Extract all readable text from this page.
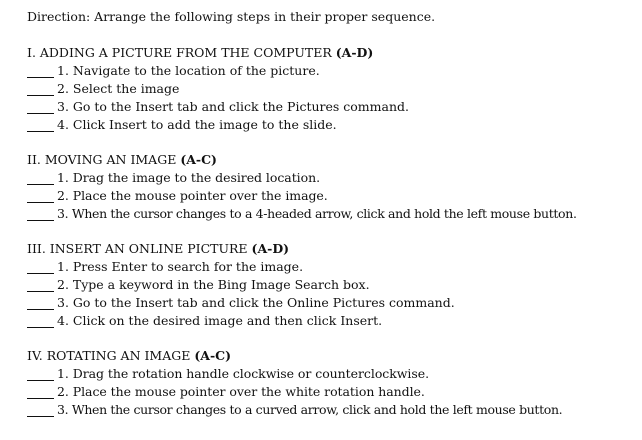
Direction: Arrange the following steps in their proper sequence.
I. ADDING A PICTURE FROM THE COMPUTER (A-D)
1. Navigate to the location of the picture.
2. Select the image
3. Go to the Insert tab and click the Pictures command.
4. Click Insert to add the image to the slide.
II. MOVING AN IMAGE (A-C)
1. Drag the image to the desired location.
2. Place the mouse pointer over the image.
3. When the cursor changes to a 4-headed arrow, click and hold the left mouse button.
III. INSERT AN ONLINE PICTURE (A-D)
1. Press Enter to search for the image.
2. Type a keyword in the Bing Image Search box.
3. Go to the Insert tab and click the Online Pictures command.
4. Click on the desired image and then click Insert.
IV. ROTATING AN IMAGE (A-C)
1. Drag the rotation handle clockwise or counterclockwise.
2. Place the mouse pointer over the white rotation handle.
3. When the cursor changes to a curved arrow, click and hold the left mouse button.
